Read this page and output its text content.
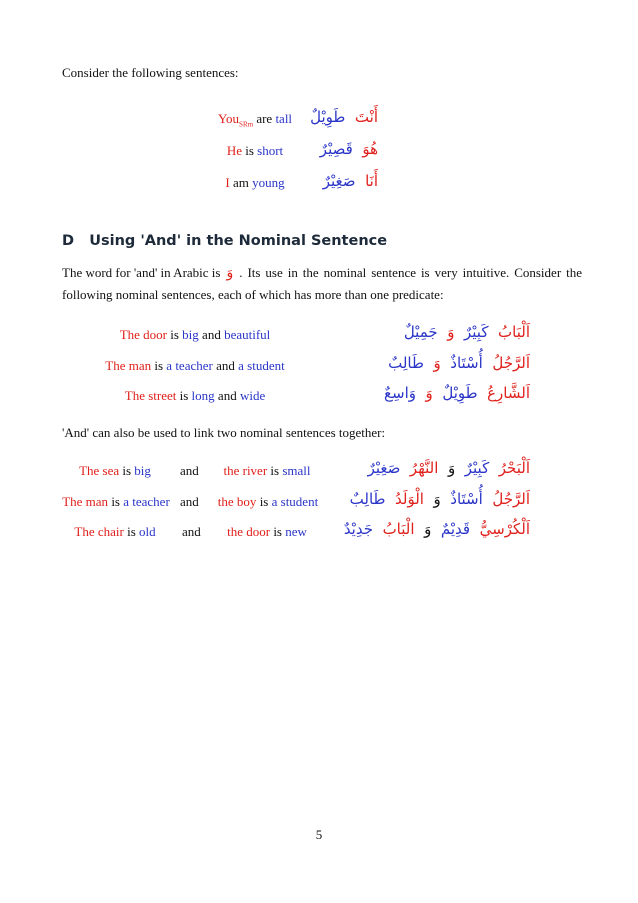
Consider the following sentences:
You$_{SRm}$ are tall	أَنْتَ  طَوِيْلٌ
He is short	هُوَ  قَصِيْرٌ
I am young	أَنَا  صَغِيْرٌ
D Using 'And' in the Nominal Sentence
The word for 'and' in Arabic is وَ . Its use in the nominal sentence is very intuitive. Consider the
following nominal sentences, each of which has more than one predicate:
The door is big and beautiful	اَلْبَابُ  كَبِيْرٌ  وَ  جَمِيْلٌ
The man is a teacher and a student	اَلرَّجُلُ  أُسْتَاذٌ  وَ  طَالِبٌ
The street is long and wide	اَلشَّارِعُ  طَوِيْلٌ  وَ  وَاسِعٌ
'And' can also be used to link two nominal sentences together:
The sea is big	and	the river is small	اَلْبَحْرُ  كَبِيْرٌ  وَ  النَّهْرُ  صَغِيْرٌ
The man is a teacher and	the boy is a student	اَلرَّجُلُ  أُسْتَاذٌ  وَ  الْوَلَدُ  طَالِبٌ
The chair is old	and	the door is new	اَلْكُرْسِيُّ  قَدِيْمٌ  وَ  الْبَابُ  جَدِيْدٌ
5
